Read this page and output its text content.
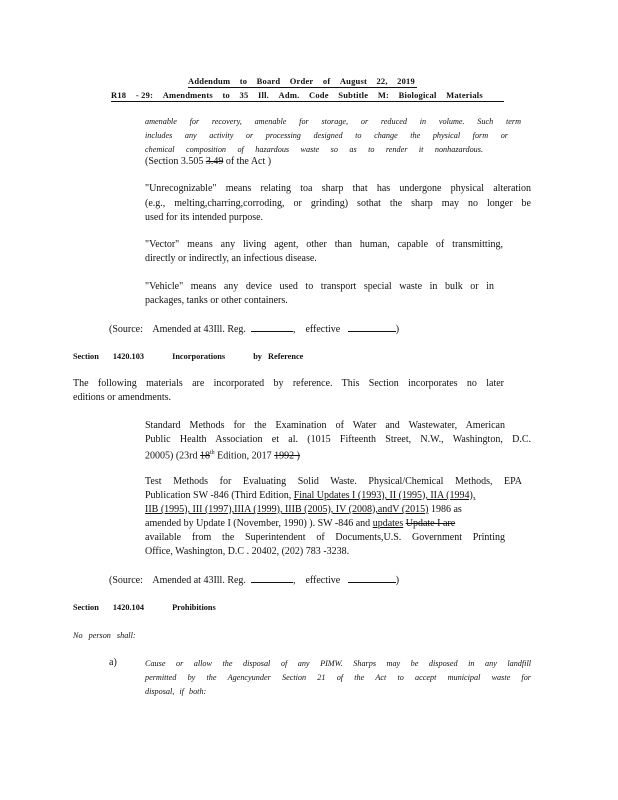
Addendum to Board Order of August 22, 2019
R18 - 29: Amendments to 35 Ill. Adm. Code Subtitle M: Biological Materials
amenable for recovery, amenable for storage, or reduced in volume. Such term
includes any activity or processing designed to change the physical form or
chemical composition of hazardous waste so as to render it nonhazardous.
(Section 3.505 3.49 of the Act )
"Unrecognizable" means relating toa sharp that has undergone physical alteration
(e.g., melting,charring,corroding, or grinding) sothat the sharp may no longer be
used for its intended purpose.
"Vector" means any living agent, other than human, capable of transmitting,
directly or indirectly, an infectious disease.
"Vehicle" means any device used to transport special waste in bulk or in
packages, tanks or other containers.
(Source: Amended at 43Ill. Reg.	,    effective	)
Section 1420.103	Incorporations	by Reference
The following materials are incorporated by reference. This Section incorporates no later
editions or amendments.
Standard Methods for the Examination of Water and Wastewater, American
Public Health Association et al. (1015 Fifteenth Street, N.W., Washington, D.C.
20005) (23rd 18th Edition, 2017 1992 )
Test Methods for Evaluating Solid Waste. Physical/Chemical Methods, EPA
Publication SW -846 (Third Edition, Final Updates I (1993), II (1995), IIA (1994),
IIB (1995), III (1997),IIIA (1999), IIIB (2005), IV (2008),andV (2015) 1986 as
amended by Update I (November, 1990) ). SW -846 and updates Update I are
available from the Superintendent of Documents,U.S. Government Printing
Office, Washington, D.C . 20402, (202) 783 -3238.
(Source: Amended at 43Ill. Reg.	,    effective	)
Section 1420.104	Prohibitions
No person shall:
a)	Cause or allow the disposal of any PIMW. Sharps may be disposed in any landfill
permitted by the Agencyunder Section 21 of the Act to accept municipal waste for
disposal, if both:
